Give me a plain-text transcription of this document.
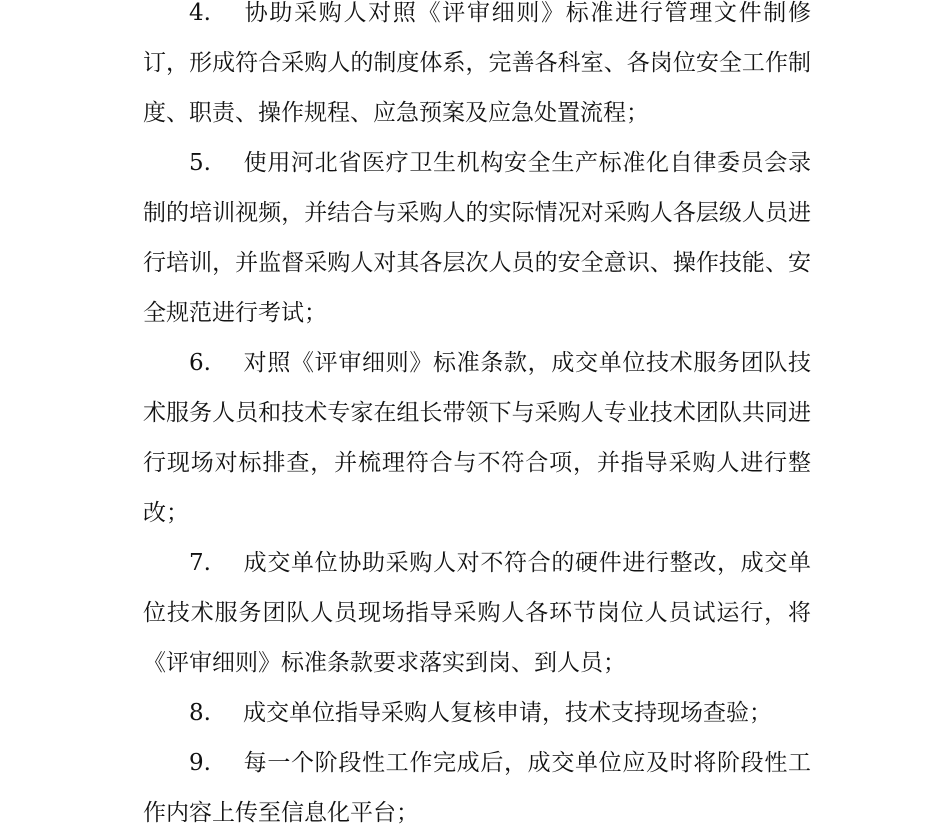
4. 协助采购人对照《评审细则》标准进行管理文件制修订，形成符合采购人的制度体系，完善各科室、各岗位安全工作制度、职责、操作规程、应急预案及应急处置流程；

5. 使用河北省医疗卫生机构安全生产标准化自律委员会录制的培训视频，并结合与采购人的实际情况对采购人各层级人员进行培训，并监督采购人对其各层次人员的安全意识、操作技能、安全规范进行考试；

6. 对照《评审细则》标准条款，成交单位技术服务团队技术服务人员和技术专家在组长带领下与采购人专业技术团队共同进行现场对标排查，并梳理符合与不符合项，并指导采购人进行整改；

7. 成交单位协助采购人对不符合的硬件进行整改，成交单位技术服务团队人员现场指导采购人各环节岗位人员试运行，将《评审细则》标准条款要求落实到岗、到人员；

8. 成交单位指导采购人复核申请，技术支持现场查验；

9. 每一个阶段性工作完成后，成交单位应及时将阶段性工作内容上传至信息化平台；
